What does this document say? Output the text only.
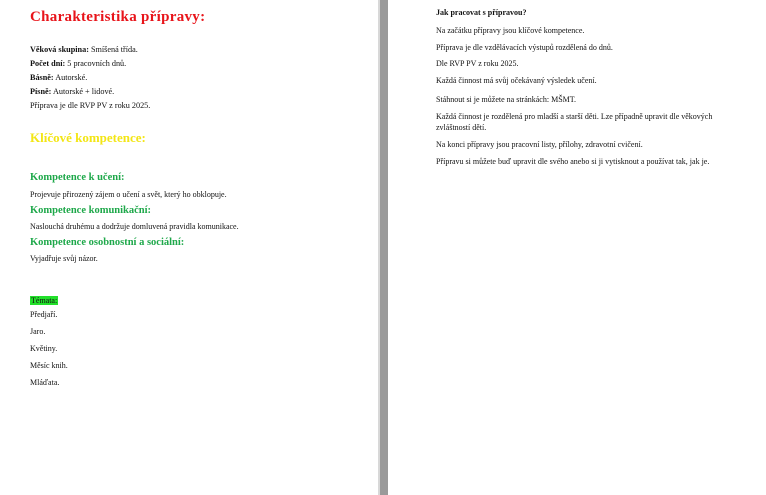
Charakteristika přípravy:
Věková skupina: Smíšená třída.
Počet dní: 5 pracovních dnů.
Básně: Autorské.
Písně: Autorské + lidové.
Příprava je dle RVP PV z roku 2025.
Klíčové kompetence:
Kompetence k učení:
Projevuje přirozený zájem o učení a svět, který ho obklopuje.
Kompetence komunikační:
Naslouchá druhému a dodržuje domluvená pravidla komunikace.
Kompetence osobnostní a sociální:
Vyjadřuje svůj názor.
Témata:
Předjaří.
Jaro.
Květiny.
Měsíc knih.
Mláďata.
Jak pracovat s přípravou?
Na začátku přípravy jsou klíčové kompetence.
Příprava je dle vzdělávacích výstupů rozdělená do dnů.
Dle RVP PV z roku 2025.
Každá činnost má svůj očekávaný výsledek učení.
Stáhnout si je můžete na stránkách: MŠMT.
Každá činnost je rozdělená pro mladší a starší děti. Lze případně upravit dle věkových zvláštností dětí.
Na konci přípravy jsou pracovní listy, přílohy, zdravotní cvičení.
Přípravu si můžete buď upravit dle svého anebo si ji vytisknout a používat tak, jak je.
